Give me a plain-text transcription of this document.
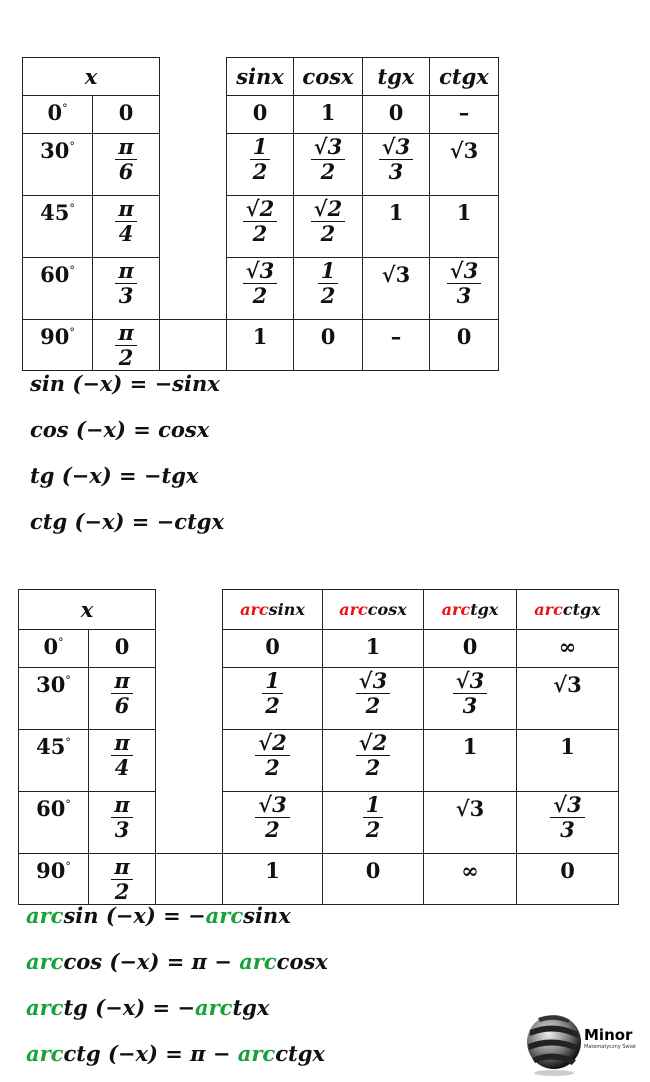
x			sinx	cosx	tgx	ctgx
0°	0		0	1	0	–
30°	$\frac{\pi}{6}$		$\frac{1}{2}$	$\frac{√3}{2}$	$\frac{√3}{3}$	√3
45°	$\frac{\pi}{4}$		$\frac{√2}{2}$	$\frac{√2}{2}$	1	1
60°	$\frac{\pi}{3}$		$\frac{√3}{2}$	$\frac{1}{2}$	√3	$\frac{√3}{3}$

90°	$\frac{\pi}{2}$		1	0	–	0
sin (−x) = −sinx
cos (−x) = cosx
tg (−x) = −tgx
ctg (−x) = −ctgx
x			arcsinx	arccosx	arctgx	arcctgx
0°	0		0	1	0	∞
30°	$\frac{\pi}{6}$		$\frac{1}{2}$	$\frac{√3}{2}$	$\frac{√3}{3}$	√3
45°	$\frac{\pi}{4}$		$\frac{√2}{2}$	$\frac{√2}{2}$	1	1
60°	$\frac{\pi}{3}$		$\frac{√3}{2}$	$\frac{1}{2}$	√3	$\frac{√3}{3}$

90°	$\frac{\pi}{2}$		1	0	∞	0
arcsin (−x) = −arcsinx
arccos (−x) = π − arccosx
arctg (−x) = −arctgx
arcctg (−x) = π − arcctgx
Minor
Matematyczny Świat
